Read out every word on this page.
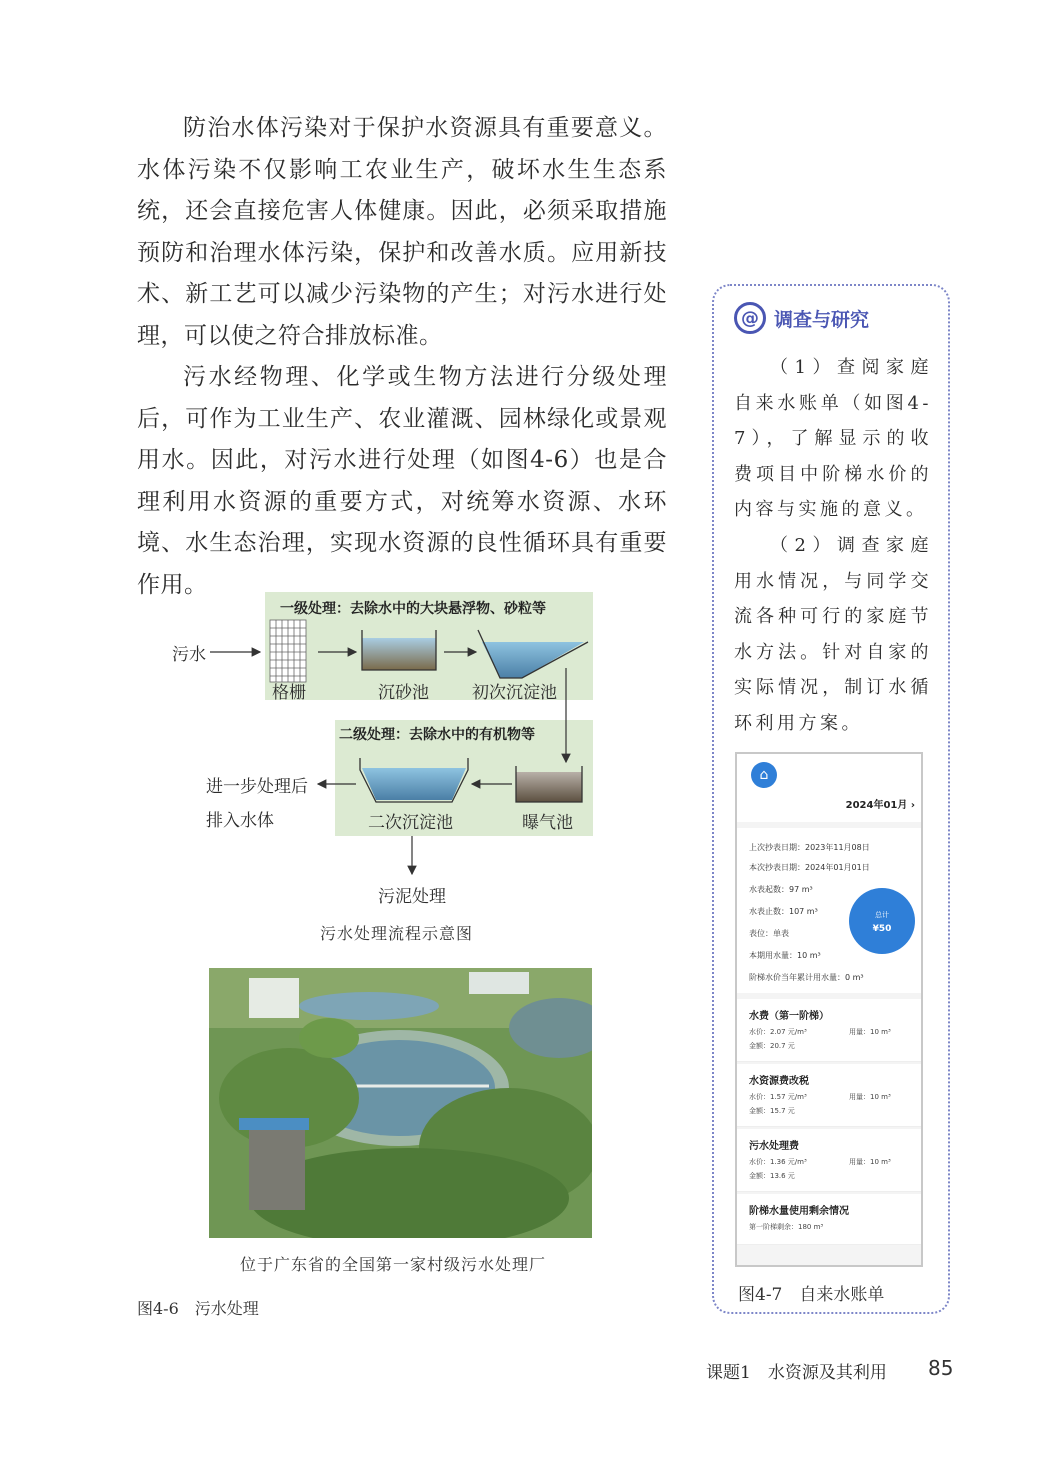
防治水体污染对于保护水资源具有重要意义。水体污染不仅影响工农业生产，破坏水生生态系统，还会直接危害人体健康。因此，必须采取措施预防和治理水体污染，保护和改善水质。应用新技术、新工艺可以减少污染物的产生；对污水进行处理，可以使之符合排放标准。

污水经物理、化学或生物方法进行分级处理后，可作为工业生产、农业灌溉、园林绿化或景观用水。因此，对污水进行处理（如图4-6）也是合理利用水资源的重要方式，对统筹水资源、水环境、水生态治理，实现水资源的良性循环具有重要作用。

一级处理：去除水中的大块悬浮物、砂粒等
二级处理：去除水中的有机物等
污水
格栅	沉砂池	初次沉淀池
二次沉淀池	曝气池
进一步处理后
排入水体
污泥处理
污水处理流程示意图
位于广东省的全国第一家村级污水处理厂
图4-6　污水处理
@ 调查与研究

（1）查阅家庭自来水账单（如图4-7），了解显示的收费项目中阶梯水价的内容与实施的意义。

（2）调查家庭用水情况，与同学交流各种可行的家庭节水方法。针对自家的实际情况，制订水循环利用方案。

图4-7　自来水账单
⌂
2024年01月 ›
上次抄表日期：2023年11月08日
本次抄表日期：2024年01月01日
水表起数：97 m³
水表止数：107 m³
表位：单表
本期用水量：10 m³
阶梯水价当年累计用水量：0 m³
总计
¥50
水费（第一阶梯）
水价：2.07 元/m³	用量：10 m³
金额：20.7 元
水资源费改税
水价：1.57 元/m³	用量：10 m³
金额：15.7 元
污水处理费
水价：1.36 元/m³	用量：10 m³
金额：13.6 元
阶梯水量使用剩余情况
第一阶梯剩余：180 m³
课题1　水资源及其利用 85
